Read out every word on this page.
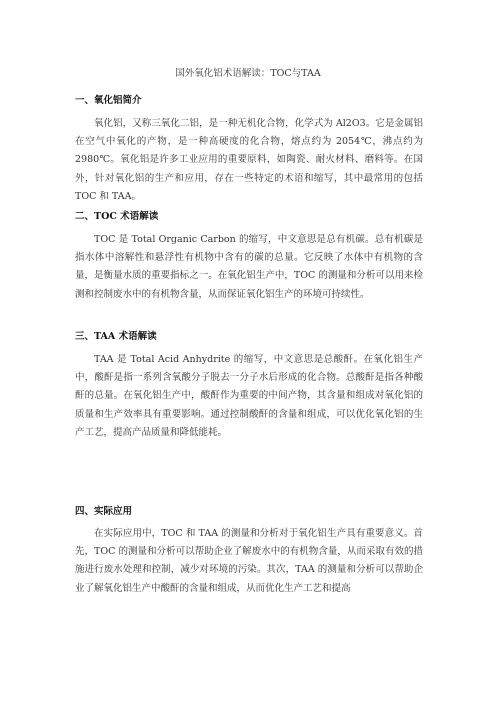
国外氧化铝术语解读：TOC与TAA
一、氧化铝简介

氧化铝，又称三氧化二铝，是一种无机化合物，化学式为 Al2O3。它是金属铝在空气中氧化的产物，是一种高硬度的化合物，熔点约为 2054℃，沸点约为 2980℃。氧化铝是许多工业应用的重要原料，如陶瓷、耐火材料、磨料等。在国外，针对氧化铝的生产和应用，存在一些特定的术语和缩写，其中最常用的包括 TOC 和 TAA。

二、TOC 术语解读

TOC 是 Total Organic Carbon 的缩写，中文意思是总有机碳。总有机碳是指水体中溶解性和悬浮性有机物中含有的碳的总量。它反映了水体中有机物的含量，是衡量水质的重要指标之一。在氧化铝生产中，TOC 的测量和分析可以用来检测和控制废水中的有机物含量，从而保证氧化铝生产的环境可持续性。

三、TAA 术语解读

TAA 是 Total Acid Anhydrite 的缩写，中文意思是总酸酐。在氧化铝生产中，酸酐是指一系列含氧酸分子脱去一分子水后形成的化合物。总酸酐是指各种酸酐的总量。在氧化铝生产中，酸酐作为重要的中间产物，其含量和组成对氧化铝的质量和生产效率具有重要影响。通过控制酸酐的含量和组成，可以优化氧化铝的生产工艺，提高产品质量和降低能耗。

四、实际应用

在实际应用中，TOC 和 TAA 的测量和分析对于氧化铝生产具有重要意义。首先，TOC 的测量和分析可以帮助企业了解废水中的有机物含量，从而采取有效的措施进行废水处理和控制，减少对环境的污染。其次，TAA 的测量和分析可以帮助企业了解氧化铝生产中酸酐的含量和组成，从而优化生产工艺和提高
